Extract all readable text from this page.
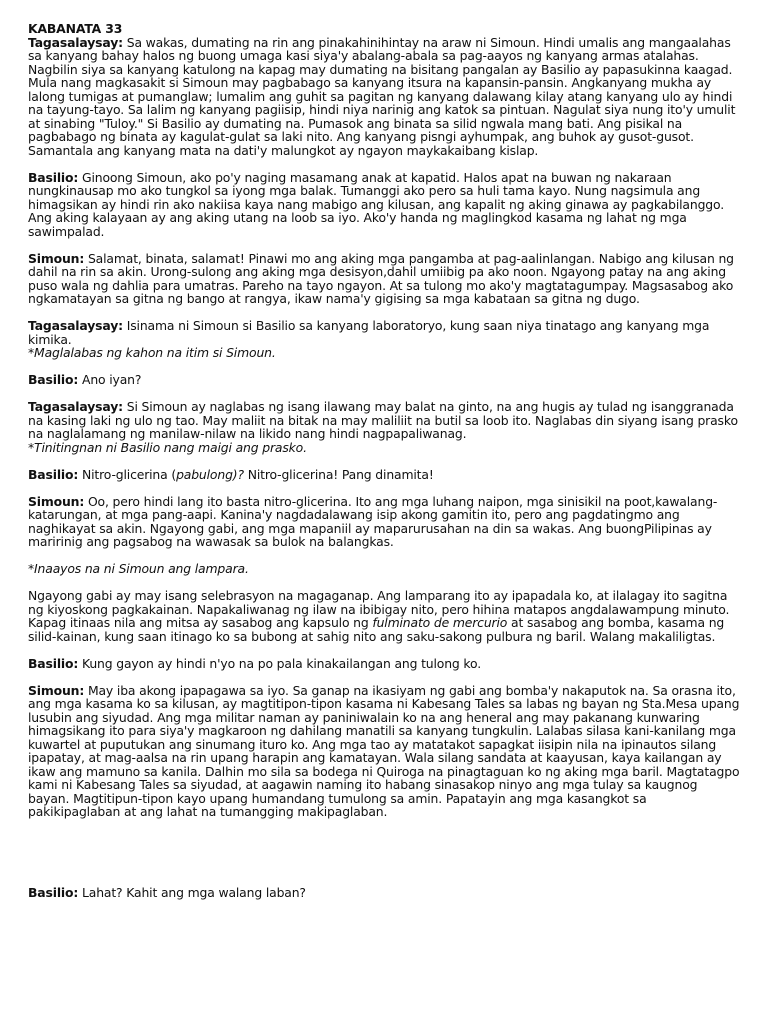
KABANATA 33

Tagasalaysay: Sa wakas, dumating na rin ang pinakahinihintay na araw ni Simoun. Hindi umalis ang mangaalahas sa kanyang bahay halos ng buong umaga kasi siya'y abalang-abala sa pag-aayos ng kanyang armas atalahas. Nagbilin siya sa kanyang katulong na kapag may dumating na bisitang pangalan ay Basilio ay papasukinna kaagad. Mula nang magkasakit si Simoun may pagbabago sa kanyang itsura na kapansin-pansin. Angkanyang mukha ay lalong tumigas at pumanglaw; lumalim ang guhit sa pagitan ng kanyang dalawang kilay atang kanyang ulo ay hindi na tayung-tayo. Sa lalim ng kanyang pagiisip, hindi niya narinig ang katok sa pintuan. Nagulat siya nung ito'y umulit at sinabing "Tuloy." Si Basilio ay dumating na. Pumasok ang binata sa silid ngwala mang bati. Ang pisikal na pagbabago ng binata ay kagulat-gulat sa laki nito. Ang kanyang pisngi ayhumpak, ang buhok ay gusot-gusot. Samantala ang kanyang mata na dati'y malungkot ay ngayon maykakaibang kislap.

Basilio: Ginoong Simoun, ako po'y naging masamang anak at kapatid. Halos apat na buwan ng nakaraan nungkinausap mo ako tungkol sa iyong mga balak. Tumanggi ako pero sa huli tama kayo. Nung nagsimula ang himagsikan ay hindi rin ako nakiisa kaya nang mabigo ang kilusan, ang kapalit ng aking ginawa ay pagkabilanggo. Ang aking kalayaan ay ang aking utang na loob sa iyo. Ako'y handa ng maglingkod kasama ng lahat ng mga sawimpalad.

Simoun: Salamat, binata, salamat! Pinawi mo ang aking mga pangamba at pag-aalinlangan. Nabigo ang kilusan ng dahil na rin sa akin. Urong-sulong ang aking mga desisyon,dahil umiibig pa ako noon. Ngayong patay na ang aking puso wala ng dahlia para umatras. Pareho na tayo ngayon. At sa tulong mo ako'y magtatagumpay. Magsasabog ako ngkamatayan sa gitna ng bango at rangya, ikaw nama'y gigising sa mga kabataan sa gitna ng dugo.

Tagasalaysay: Isinama ni Simoun si Basilio sa kanyang laboratoryo, kung saan niya tinatago ang kanyang mga kimika.
*Maglalabas ng kahon na itim si Simoun.

Basilio: Ano iyan?

Tagasalaysay: Si Simoun ay naglabas ng isang ilawang may balat na ginto, na ang hugis ay tulad ng isanggranada na kasing laki ng ulo ng tao. May maliit na bitak na may maliliit na butil sa loob ito. Naglabas din siyang isang prasko na naglalamang ng manilaw-nilaw na likido nang hindi nagpapaliwanag.
*Tinitingnan ni Basilio nang maigi ang prasko.

Basilio: Nitro-glicerina (pabulong)? Nitro-glicerina! Pang dinamita!

Simoun: Oo, pero hindi lang ito basta nitro-glicerina. Ito ang mga luhang naipon, mga sinisikil na poot,kawalang-katarungan, at mga pang-aapi. Kanina'y nagdadalawang isip akong gamitin ito, pero ang pagdatingmo ang naghikayat sa akin. Ngayong gabi, ang mga mapaniil ay maparurusahan na din sa wakas. Ang buongPilipinas ay maririnig ang pagsabog na wawasak sa bulok na balangkas.

*Inaayos na ni Simoun ang lampara.

Ngayong gabi ay may isang selebrasyon na magaganap. Ang lamparang ito ay ipapadala ko, at ilalagay ito sagitna ng kiyoskong pagkakainan. Napakaliwanag ng ilaw na ibibigay nito, pero hihina matapos angdalawampung minuto. Kapag itinaas nila ang mitsa ay sasabog ang kapsulo ng fulminato de mercurio at sasabog ang bomba, kasama ng silid-kainan, kung saan itinago ko sa bubong at sahig nito ang saku-sakong pulbura ng baril. Walang makaliligtas.

Basilio: Kung gayon ay hindi n'yo na po pala kinakailangan ang tulong ko.

Simoun: May iba akong ipapagawa sa iyo. Sa ganap na ikasiyam ng gabi ang bomba'y nakaputok na. Sa orasna ito, ang mga kasama ko sa kilusan, ay magtitipon-tipon kasama ni Kabesang Tales sa labas ng bayan ng Sta.Mesa upang lusubin ang siyudad. Ang mga militar naman ay paniniwalain ko na ang heneral ang may pakanang kunwaring himagsikang ito para siya'y magkaroon ng dahilang manatili sa kanyang tungkulin. Lalabas silasa kani-kanilang mga kuwartel at puputukan ang sinumang ituro ko. Ang mga tao ay matatakot sapagkat iisipin nila na ipinautos silang ipapatay, at mag-aalsa na rin upang harapin ang kamatayan. Wala silang sandata at kaayusan, kaya kailangan ay ikaw ang mamuno sa kanila. Dalhin mo sila sa bodega ni Quiroga na pinagtaguan ko ng aking mga baril. Magtatagpo kami ni Kabesang Tales sa siyudad, at aagawin naming ito habang sinasakop ninyo ang mga tulay sa kaugnog bayan. Magtitipun-tipon kayo upang humandang tumulong sa amin. Papatayin ang mga kasangkot sa pakikipaglaban at ang lahat na tumangging makipaglaban.

Basilio: Lahat? Kahit ang mga walang laban?
